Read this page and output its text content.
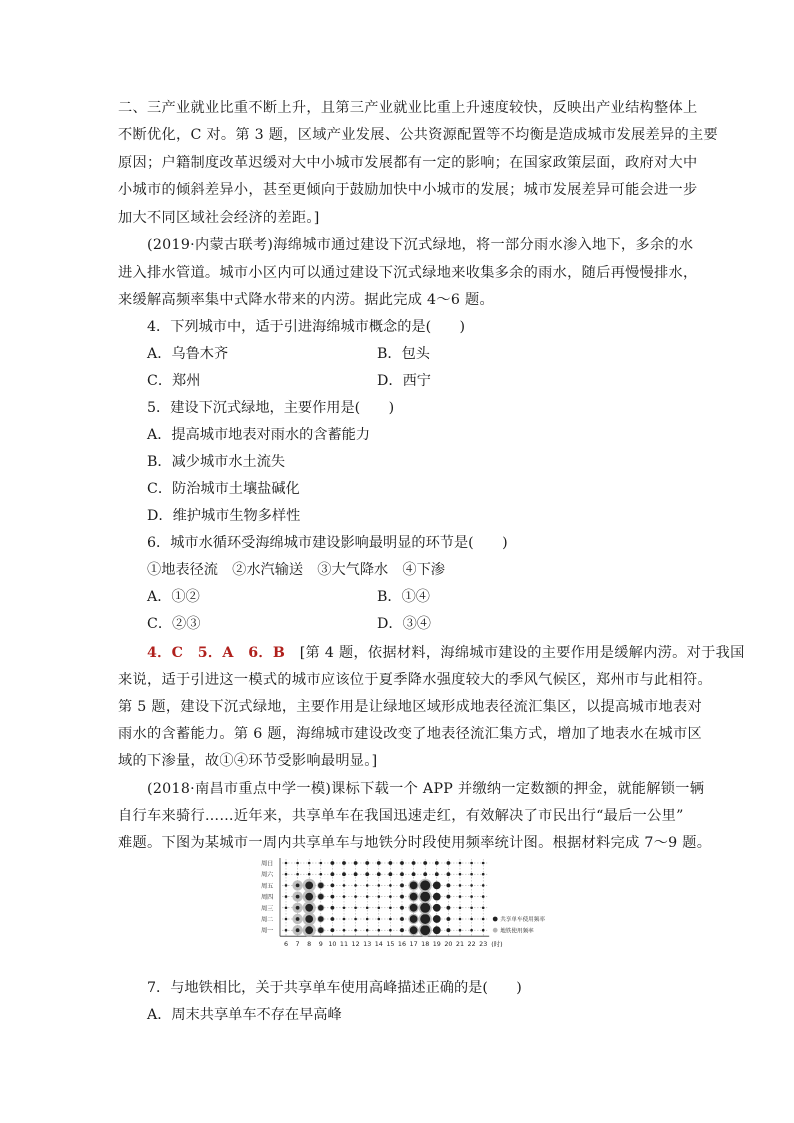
二、三产业就业比重不断上升，且第三产业就业比重上升速度较快，反映出产业结构整体上

不断优化，C 对。第 3 题，区域产业发展、公共资源配置等不均衡是造成城市发展差异的主要

原因；户籍制度改革迟缓对大中小城市发展都有一定的影响；在国家政策层面，政府对大中

小城市的倾斜差异小，甚至更倾向于鼓励加快中小城市的发展；城市发展差异可能会进一步

加大不同区域社会经济的差距。]

(2019·内蒙古联考)海绵城市通过建设下沉式绿地，将一部分雨水渗入地下，多余的水

进入排水管道。城市小区内可以通过建设下沉式绿地来收集多余的雨水，随后再慢慢排水，

来缓解高频率集中式降水带来的内涝。据此完成 4～6 题。

4．下列城市中，适于引进海绵城市概念的是(　　)

A．乌鲁木齐	B．包头

C．郑州	D．西宁

5．建设下沉式绿地，主要作用是(　　)

A．提高城市地表对雨水的含蓄能力

B．减少城市水土流失

C．防治城市土壤盐碱化

D．维护城市生物多样性

6．城市水循环受海绵城市建设影响最明显的环节是(　　)

①地表径流　②水汽输送　③大气降水　④下渗

A．①②	B．①④

C．②③	D．③④

4．C　 5．A　 6．B　 [第 4 题，依据材料，海绵城市建设的主要作用是缓解内涝。对于我国

来说，适于引进这一模式的城市应该位于夏季降水强度较大的季风气候区，郑州市与此相符。

第 5 题，建设下沉式绿地，主要作用是让绿地区域形成地表径流汇集区，以提高城市地表对

雨水的含蓄能力。第 6 题，海绵城市建设改变了地表径流汇集方式，增加了地表水在城市区

域的下渗量，故①④环节受影响最明显。]

(2018·南昌市重点中学一模)课标下载一个 APP 并缴纳一定数额的押金，就能解锁一辆

自行车来骑行……近年来，共享单车在我国迅速走红，有效解决了市民出行“最后一公里”

难题。下图为某城市一周内共享单车与地铁分时段使用频率统计图。根据材料完成 7～9 题。

周一
周二
周三
周四
周五
周六
周日
6 7 8 9 10 11 12 13 14 15 16 17 18 19 20 21 22 23 (时)
共享单车使用频率
地铁使用频率

7．与地铁相比，关于共享单车使用高峰描述正确的是(　　)

A．周末共享单车不存在早高峰
